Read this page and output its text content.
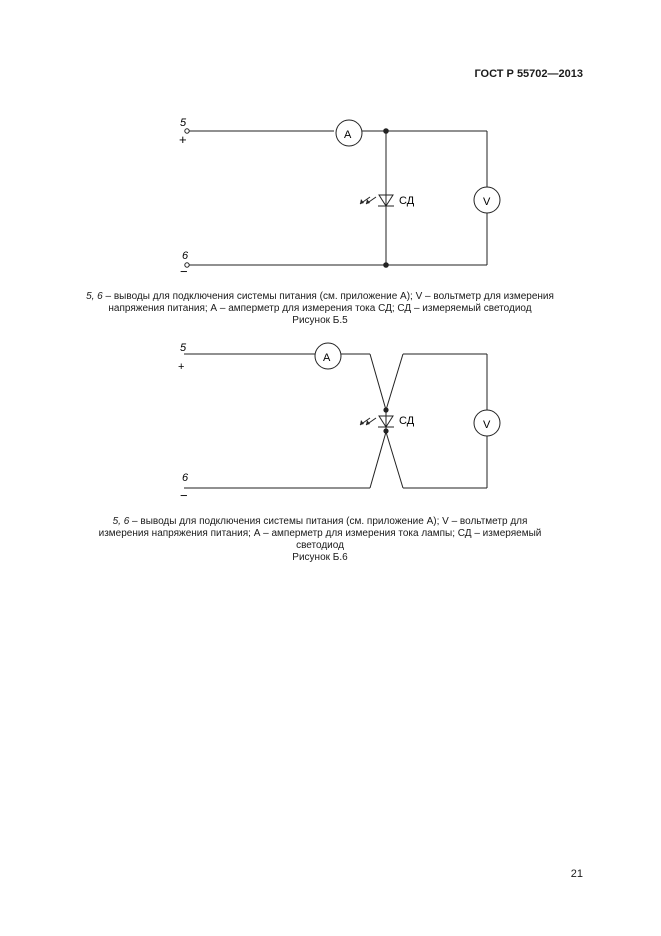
ГОСТ Р 55702—2013
5
+
6
−
A
V
СД
5, 6 – выводы для подключения системы питания (см. приложение А); V – вольтметр для измерения
напряжения питания; А – амперметр для измерения тока СД; СД – измеряемый светодиод
Рисунок Б.5
5
+
6
−
A
V
СД
5, 6 – выводы для подключения системы питания (см. приложение А); V – вольтметр для
измерения напряжения питания; А – амперметр для измерения тока лампы; СД – измеряемый
светодиод
Рисунок Б.6
21
